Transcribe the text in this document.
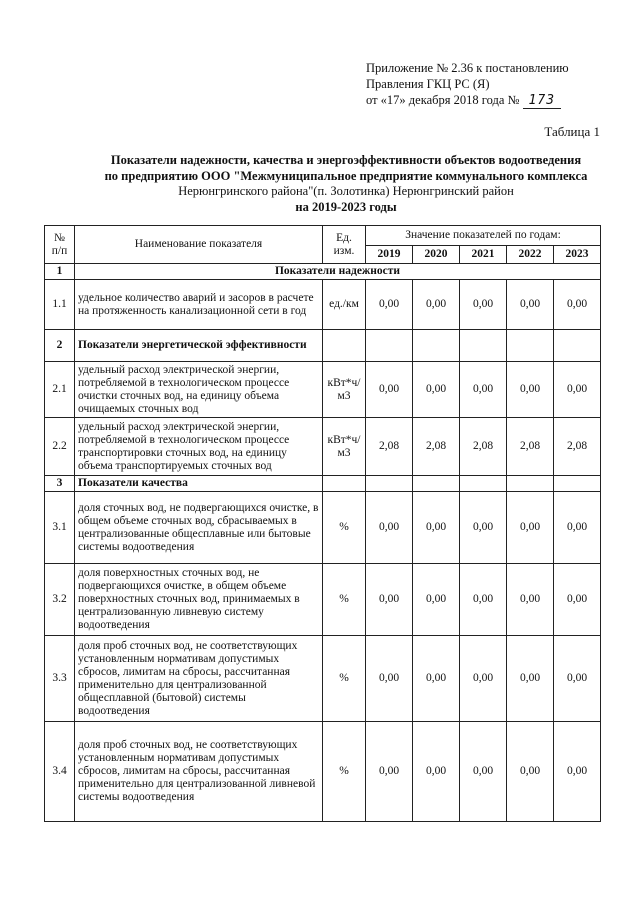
Приложение № 2.36 к постановлению
Правления ГКЦ РС (Я)
от «17» декабря 2018 года № 173
Таблица 1
Показатели надежности, качества и энергоэффективности объектов водоотведения
по предприятию ООО "Межмуниципальное предприятие коммунального комплекса
Нерюнгринского района"(п. Золотинка) Нерюнгринский район
на 2019-2023 годы
№ п/п	Наименование показателя	Ед. изм.	Значение показателей по годам:				
			2019	2020	2021	2022	2023
1	Показатели надежности						
1.1	удельное количество аварий и засоров в расчете на протяженность канализационной сети в год	ед./км	0,00	0,00	0,00	0,00	0,00
2	Показатели энергетической эффективности						
2.1	удельный расход электрической энергии, потребляемой в технологическом процессе очистки сточных вод, на единицу объема очищаемых сточных вод	кВт*ч/м3	0,00	0,00	0,00	0,00	0,00
2.2	удельный расход электрической энергии, потребляемой в технологическом процессе транспортировки сточных вод, на единицу объема транспортируемых сточных вод	кВт*ч/м3	2,08	2,08	2,08	2,08	2,08
3	Показатели качества						
3.1	доля сточных вод, не подвергающихся очистке, в общем объеме сточных вод, сбрасываемых в централизованные общесплавные или бытовые системы водоотведения	%	0,00	0,00	0,00	0,00	0,00
3.2	доля поверхностных сточных вод, не подвергающихся очистке, в общем объеме поверхностных сточных вод, принимаемых в централизованную ливневую систему водоотведения	%	0,00	0,00	0,00	0,00	0,00
3.3	доля проб сточных вод, не соответствующих установленным нормативам допустимых сбросов, лимитам на сбросы, рассчитанная применительно для централизованной общесплавной (бытовой) системы водоотведения	%	0,00	0,00	0,00	0,00	0,00
3.4	доля проб сточных вод, не соответствующих установленным нормативам допустимых сбросов, лимитам на сбросы, рассчитанная применительно для централизованной ливневой системы водоотведения	%	0,00	0,00	0,00	0,00	0,00
